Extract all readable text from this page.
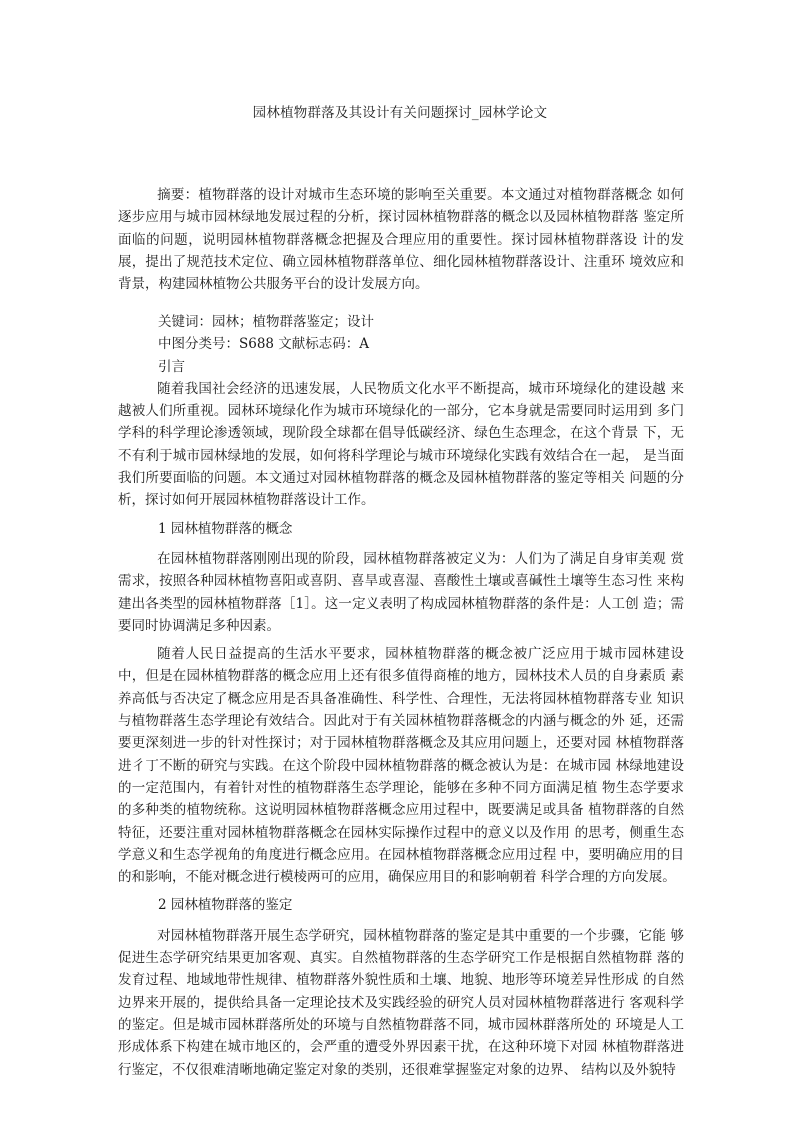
园林植物群落及其设计有关问题探讨_园林学论文

摘要：植物群落的设计对城市生态环境的影响至关重要。本文通过对植物群落概念 如何逐步应用与城市园林绿地发展过程的分析，探讨园林植物群落的概念以及园林植物群落 鉴定所面临的问题，说明园林植物群落概念把握及合理应用的重要性。探讨园林植物群落设 计的发展，提出了规范技术定位、确立园林植物群落单位、细化园林植物群落设计、注重环 境效应和背景，构建园林植物公共服务平台的设计发展方向。

关键词：园林；植物群落鉴定；设计

中图分类号：S688 文献标志码：A

引言

随着我国社会经济的迅速发展，人民物质文化水平不断提高，城市环境绿化的建设越 来越被人们所重视。园林环境绿化作为城市环境绿化的一部分，它本身就是需要同时运用到 多门学科的科学理论渗透领域，现阶段全球都在倡导低碳经济、绿色生态理念，在这个背景 下，无不有利于城市园林绿地的发展，如何将科学理论与城市环境绿化实践有效结合在一起， 是当面我们所要面临的问题。本文通过对园林植物群落的概念及园林植物群落的鉴定等相关 问题的分析，探讨如何开展园林植物群落设计工作。

1 园林植物群落的概念

在园林植物群落刚刚出现的阶段，园林植物群落被定义为：人们为了满足自身审美观 赏需求，按照各种园林植物喜阳或喜阴、喜旱或喜湿、喜酸性土壤或喜碱性土壤等生态习性 来构建出各类型的园林植物群落［1］。这一定义表明了构成园林植物群落的条件是：人工创 造；需要同时协调满足多种因素。

随着人民日益提高的生活水平要求，园林植物群落的概念被广泛应用于城市园林建设 中，但是在园林植物群落的概念应用上还有很多值得商榷的地方，园林技术人员的自身素质 素养高低与否决定了概念应用是否具备准确性、科学性、合理性，无法将园林植物群落专业 知识与植物群落生态学理论有效结合。因此对于有关园林植物群落概念的内涵与概念的外 延，还需要更深刻进一步的针对性探讨；对于园林植物群落概念及其应用问题上，还要对园 林植物群落进彳丁不断的研究与实践。在这个阶段中园林植物群落的概念被认为是：在城市园 林绿地建设的一定范围内，有着针对性的植物群落生态学理论，能够在多种不同方面满足植 物生态学要求的多种类的植物统称。这说明园林植物群落概念应用过程中，既要满足或具备 植物群落的自然特征，还要注重对园林植物群落概念在园林实际操作过程中的意义以及作用 的思考，侧重生态学意义和生态学视角的角度进行概念应用。在园林植物群落概念应用过程 中，要明确应用的目的和影响，不能对概念进行模棱两可的应用，确保应用目的和影响朝着 科学合理的方向发展。

2 园林植物群落的鉴定

对园林植物群落开展生态学研究，园林植物群落的鉴定是其中重要的一个步骤，它能 够促进生态学研究结果更加客观、真实。自然植物群落的生态学研究工作是根据自然植物群 落的发育过程、地域地带性规律、植物群落外貌性质和土壤、地貌、地形等环境差异性形成 的自然边界来开展的，提供给具备一定理论技术及实践经验的研究人员对园林植物群落进行 客观科学的鉴定。但是城市园林群落所处的环境与自然植物群落不同，城市园林群落所处的 环境是人工形成体系下构建在城市地区的，会严重的遭受外界因素干扰，在这种环境下对园 林植物群落进行鉴定，不仅很难清晰地确定鉴定对象的类别，还很难掌握鉴定对象的边界、 结构以及外貌特
